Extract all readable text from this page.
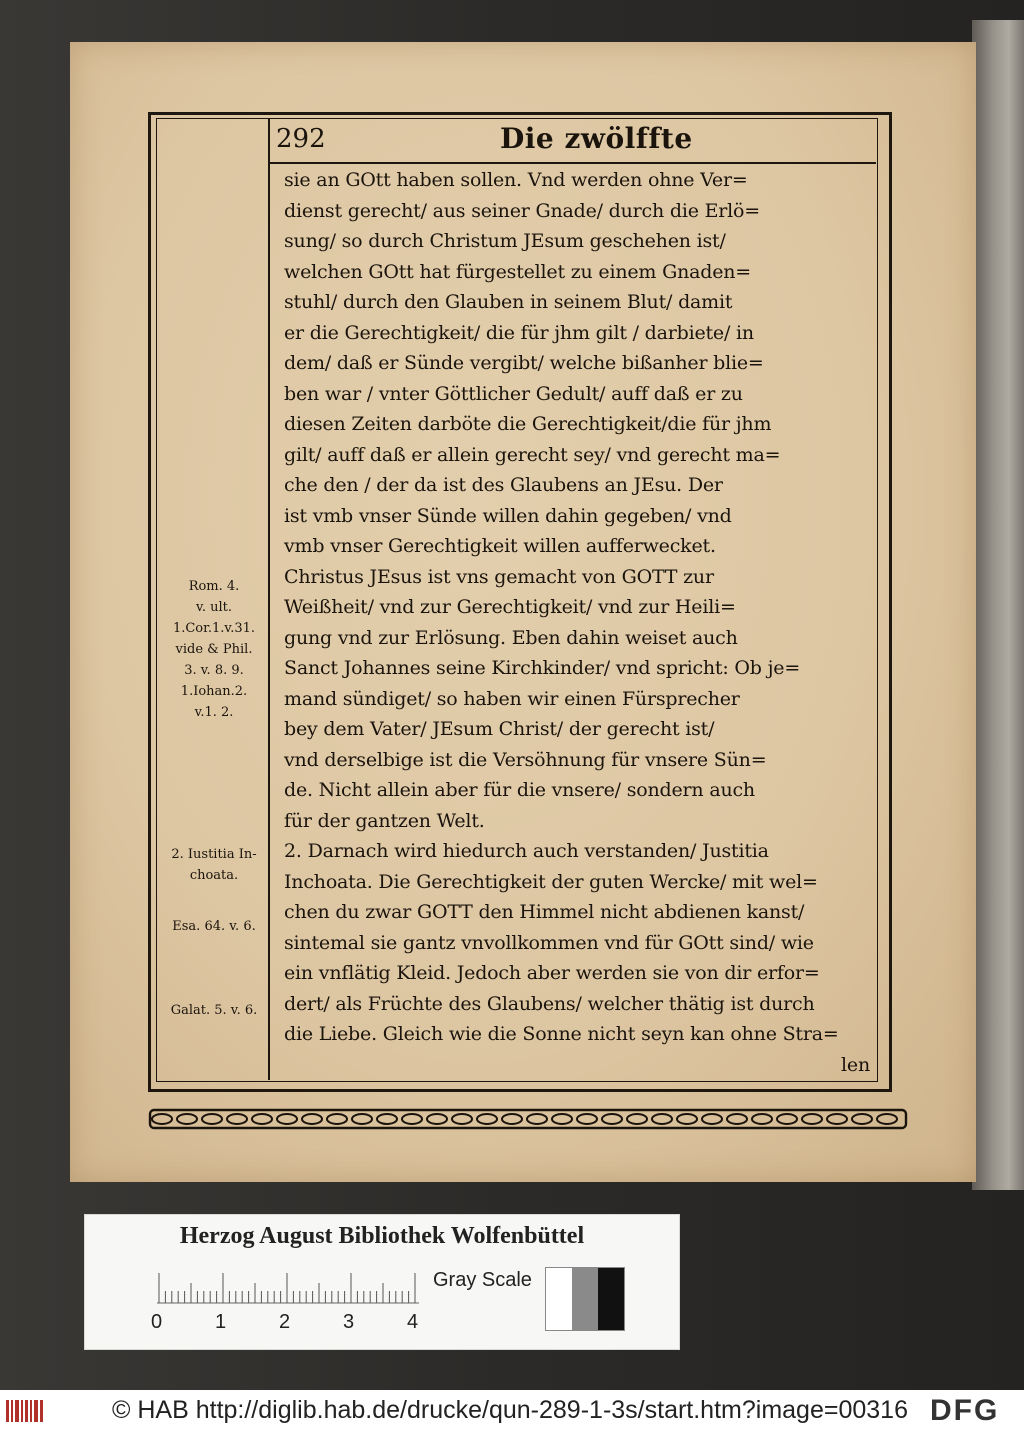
292	Die zwölffte
sie an GOtt haben sollen. Vnd werden ohne Ver=
dienst gerecht/ aus seiner Gnade/ durch die Erlö=
sung/ so durch Christum JEsum geschehen ist/
welchen GOtt hat fürgestellet zu einem Gnaden=
stuhl/ durch den Glauben in seinem Blut/ damit
er die Gerechtigkeit/ die für jhm gilt / darbiete/ in
dem/ daß er Sünde vergibt/ welche bißanher blie=
ben war / vnter Göttlicher Gedult/ auff daß er zu
diesen Zeiten darböte die Gerechtigkeit/die für jhm
gilt/ auff daß er allein gerecht sey/ vnd gerecht ma=
che den / der da ist des Glaubens an JEsu. Der
ist vmb vnser Sünde willen dahin gegeben/ vnd
vmb vnser Gerechtigkeit willen aufferwecket.
Christus JEsus ist vns gemacht von GOTT zur
Weißheit/ vnd zur Gerechtigkeit/ vnd zur Heili=
gung vnd zur Erlösung. Eben dahin weiset auch
Sanct Johannes seine Kirchkinder/ vnd spricht: Ob je=
mand sündiget/ so haben wir einen Fürsprecher
bey dem Vater/ JEsum Christ/ der gerecht ist/
vnd derselbige ist die Versöhnung für vnsere Sün=
de. Nicht allein aber für die vnsere/ sondern auch
für der gantzen Welt.
2. Darnach wird hiedurch auch verstanden/ Justitia
Inchoata. Die Gerechtigkeit der guten Wercke/ mit wel=
chen du zwar GOTT den Himmel nicht abdienen kanst/
sintemal sie gantz vnvollkommen vnd für GOtt sind/ wie
ein vnflätig Kleid. Jedoch aber werden sie von dir erfor=
dert/ als Früchte des Glaubens/ welcher thätig ist durch
die Liebe. Gleich wie die Sonne nicht seyn kan ohne Stra=
len
Rom. 4.
v. ult.
1.Cor.1.v.31.
vide & Phil.
3. v. 8. 9.
1.Iohan.2.
v.1. 2.
2. Iustitia In-
choata.
Esa. 64. v. 6.
Galat. 5. v. 6.
Herzog August Bibliothek Wolfenbüttel
0	1	2	3	4
Gray Scale
© HAB http://diglib.hab.de/drucke/qun-289-1-3s/start.htm?image=00316 DFG
